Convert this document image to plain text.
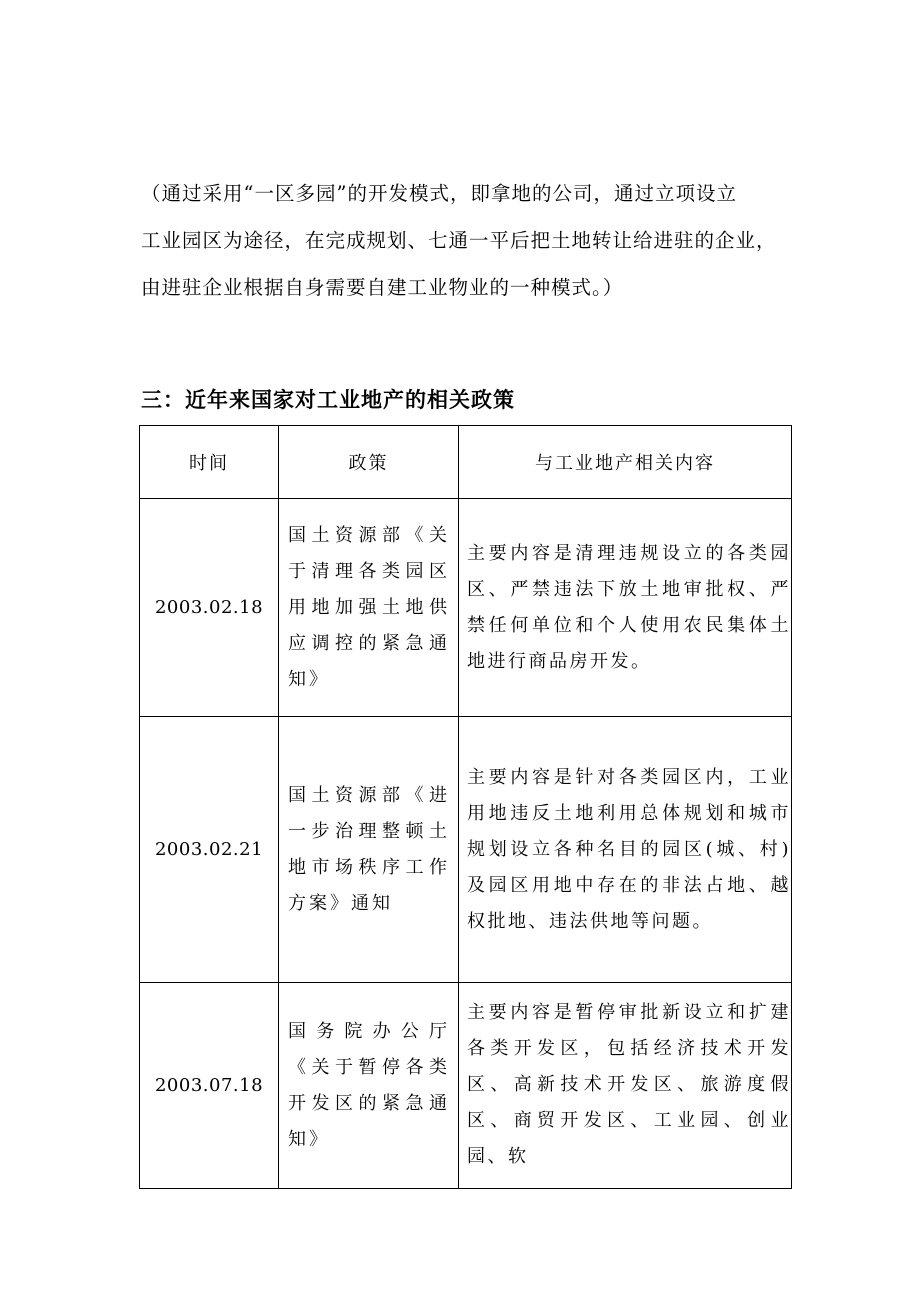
（通过采用“一区多园”的开发模式，即拿地的公司，通过立项设立
工业园区为途径，在完成规划、七通一平后把土地转让给进驻的企业，
由进驻企业根据自身需要自建工业物业的一种模式。）
三：近年来国家对工业地产的相关政策
时间	政策	与工业地产相关内容
2003.02.18	国土资源部《关于清理各类园区用地加强土地供应调控的紧急通知》	主要内容是清理违规设立的各类园区、严禁违法下放土地审批权、严禁任何单位和个人使用农民集体土地进行商品房开发。
2003.02.21	国土资源部《进一步治理整顿土地市场秩序工作方案》通知	主要内容是针对各类园区内，工业用地违反土地利用总体规划和城市规划设立各种名目的园区(城、村)及园区用地中存在的非法占地、越权批地、违法供地等问题。
2003.07.18	国务院办公厅《关于暂停各类开发区的紧急通知》	主要内容是暂停审批新设立和扩建各类开发区，包括经济技术开发区、高新技术开发区、旅游度假区、商贸开发区、工业园、创业园、软
